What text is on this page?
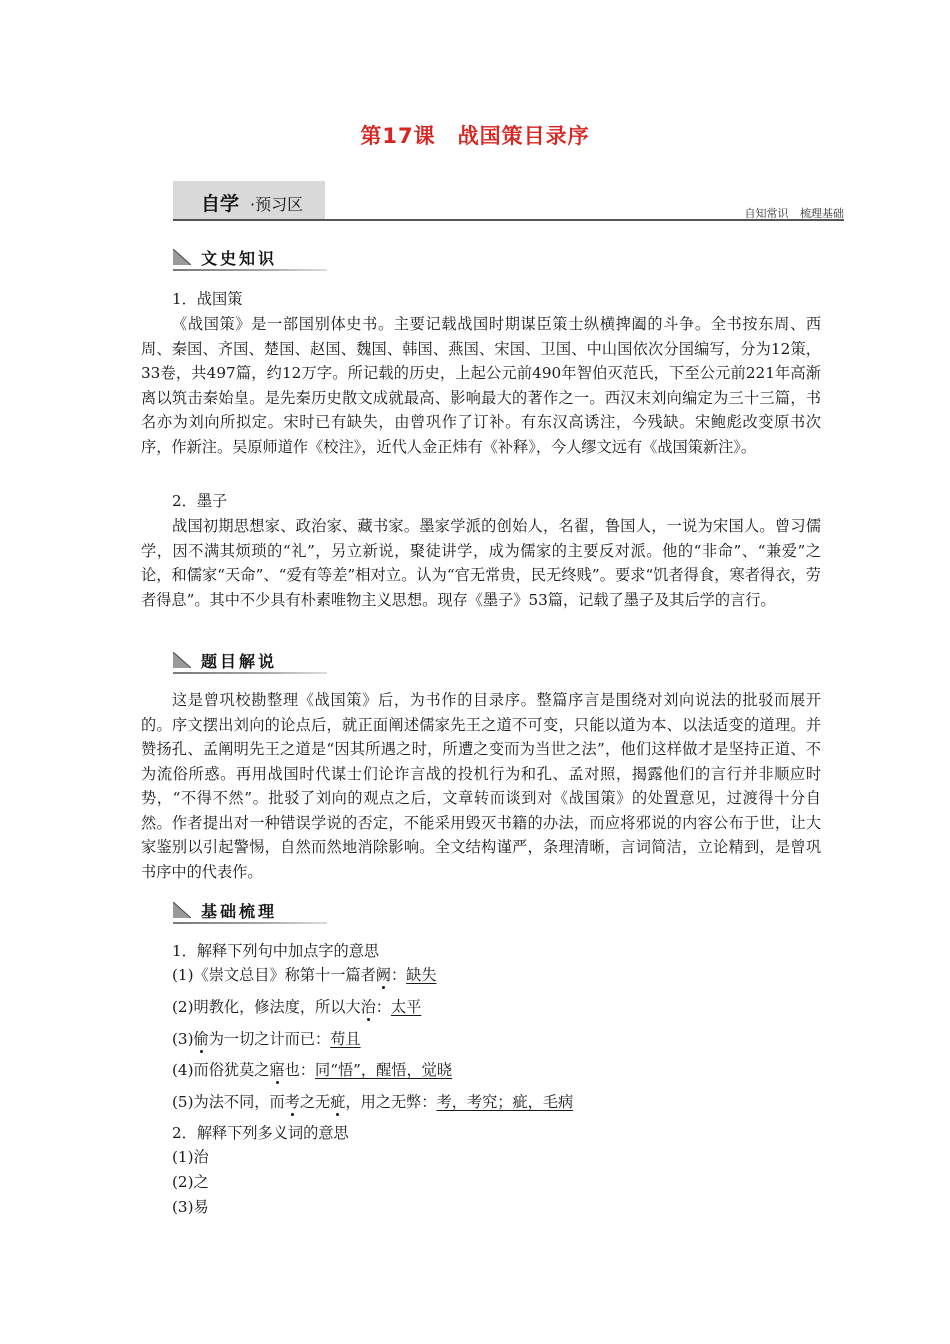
第17课　战国策目录序
自学 ·预习区	自知常识 梳理基础
文史知识
1．战国策
《战国策》是一部国别体史书。主要记载战国时期谋臣策士纵横捭阖的斗争。全书按东周、西周、秦国、齐国、楚国、赵国、魏国、韩国、燕国、宋国、卫国、中山国依次分国编写，分为12策，33卷，共497篇，约12万字。所记载的历史，上起公元前490年智伯灭范氏，下至公元前221年高渐离以筑击秦始皇。是先秦历史散文成就最高、影响最大的著作之一。西汉末刘向编定为三十三篇，书名亦为刘向所拟定。宋时已有缺失，由曾巩作了订补。有东汉高诱注，今残缺。宋鲍彪改变原书次序，作新注。吴原师道作《校注》，近代人金正炜有《补释》，今人缪文远有《战国策新注》。
2．墨子
战国初期思想家、政治家、藏书家。墨家学派的创始人，名翟，鲁国人，一说为宋国人。曾习儒学，因不满其烦琐的“礼”，另立新说，聚徒讲学，成为儒家的主要反对派。他的“非命”、“兼爱”之论，和儒家“天命”、“爱有等差”相对立。认为“官无常贵，民无终贱”。要求“饥者得食，寒者得衣，劳者得息”。其中不少具有朴素唯物主义思想。现存《墨子》53篇，记载了墨子及其后学的言行。
题目解说
这是曾巩校勘整理《战国策》后，为书作的目录序。整篇序言是围绕对刘向说法的批驳而展开的。序文摆出刘向的论点后，就正面阐述儒家先王之道不可变，只能以道为本、以法适变的道理。并赞扬孔、孟阐明先王之道是“因其所遇之时，所遭之变而为当世之法”，他们这样做才是坚持正道、不为流俗所惑。再用战国时代谋士们论诈言战的投机行为和孔、孟对照，揭露他们的言行并非顺应时势，“不得不然”。批驳了刘向的观点之后，文章转而谈到对《战国策》的处置意见，过渡得十分自然。作者提出对一种错误学说的否定，不能采用毁灭书籍的办法，而应将邪说的内容公布于世，让大家鉴别以引起警惕，自然而然地消除影响。全文结构谨严，条理清晰，言词简洁，立论精到，是曾巩书序中的代表作。
基础梳理
1．解释下列句中加点字的意思
(1)《崇文总目》称第十一篇者阙：缺失
(2)明教化，修法度，所以大治：太平
(3)偷为一切之计而已：苟且
(4)而俗犹莫之寤也：同“悟”，醒悟，觉晓
(5)为法不同，而考之无疵，用之无弊：考，考究；疵，毛病
2．解释下列多义词的意思
(1)治
(2)之
(3)易
